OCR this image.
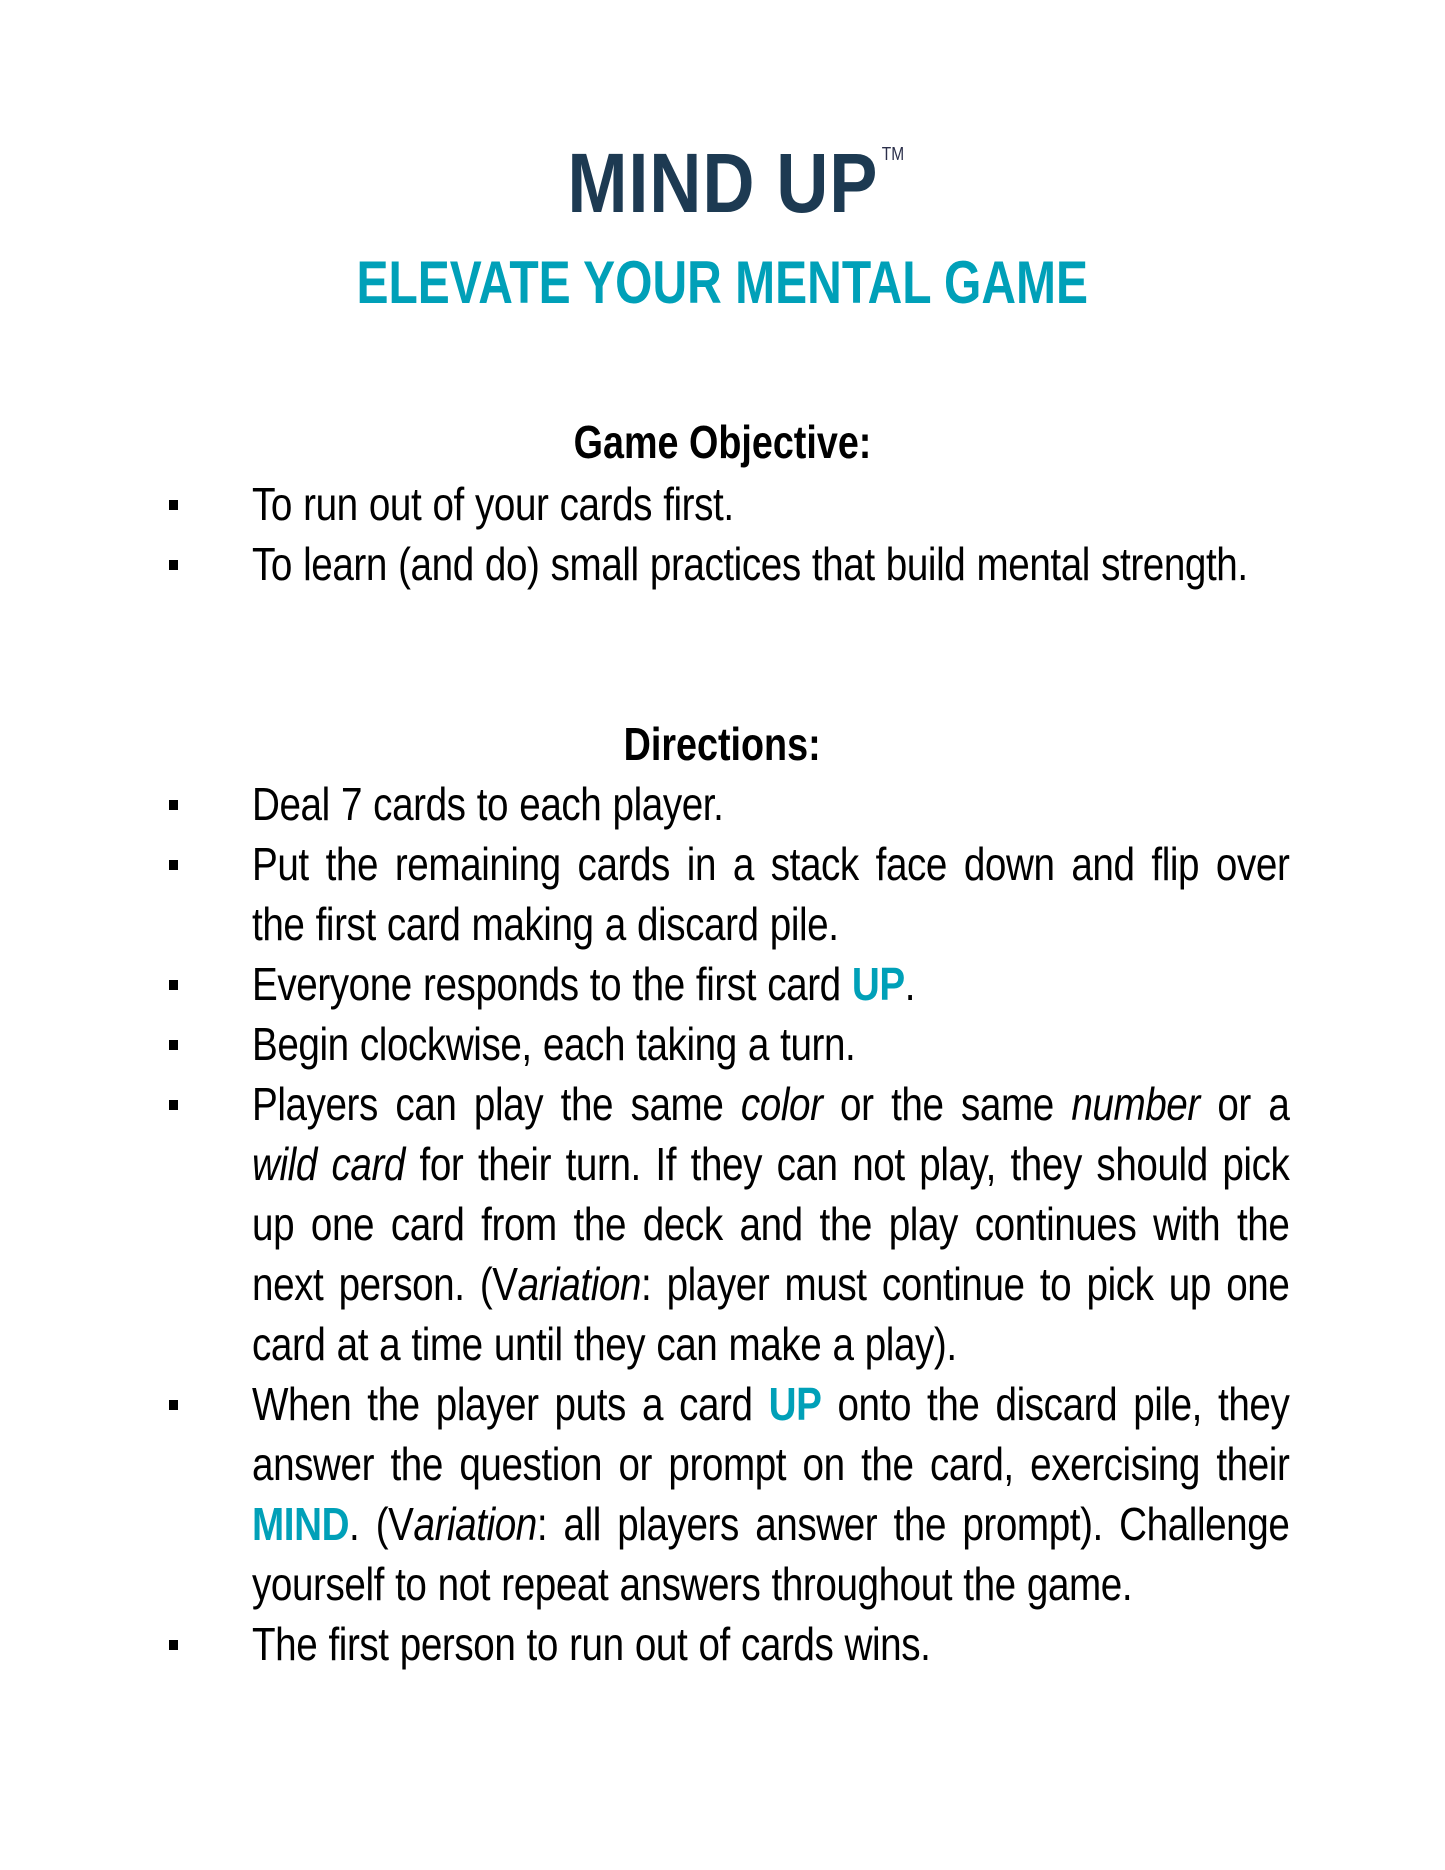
MIND UP TM
ELEVATE YOUR MENTAL GAME
Game Objective:
To run out of your cards first.
To learn (and do) small practices that build mental strength.
Directions:
Deal 7 cards to each player.
Put the remaining cards in a stack face down and flip over the first card making a discard pile.
Everyone responds to the first card UP.
Begin clockwise, each taking a turn.
Players can play the same color or the same number or a wild card for their turn. If they can not play, they should pick up one card from the deck and the play continues with the next person. (Variation: player must continue to pick up one card at a time until they can make a play).
When the player puts a card UP onto the discard pile, they answer the question or prompt on the card, exercising their MIND. (Variation: all players answer the prompt). Challenge yourself to not repeat answers throughout the game.
The first person to run out of cards wins.
